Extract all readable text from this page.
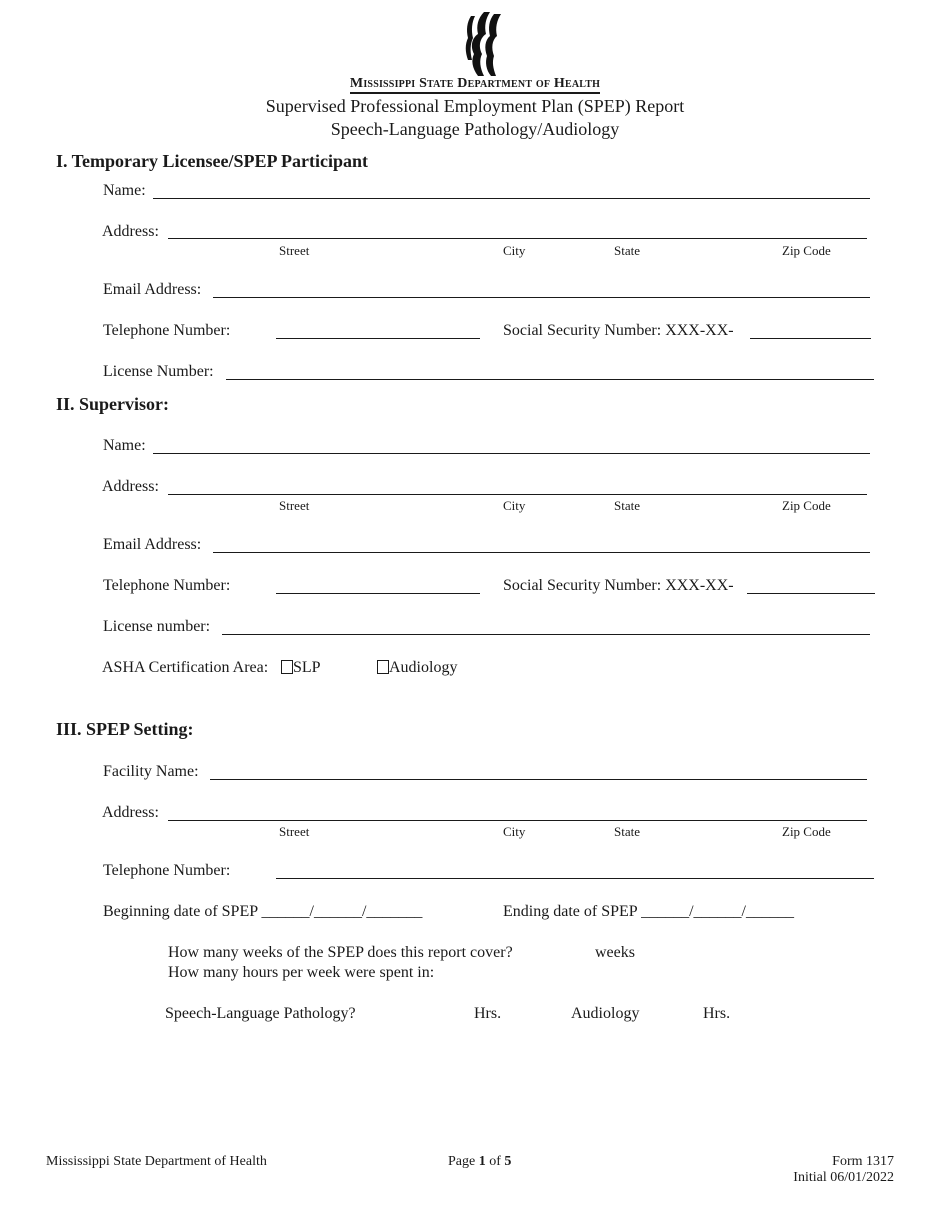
Mississippi State Department of Health
Supervised Professional Employment Plan (SPEP) Report
Speech-Language Pathology/Audiology
I. Temporary Licensee/SPEP Participant
Name:
Address:
Street	City	State	Zip Code
Email Address:
Telephone Number:	Social Security Number: XXX-XX-
License Number:
II. Supervisor:
Name:
Address:
Street	City	State	Zip Code
Email Address:
Telephone Number:	Social Security Number: XXX-XX-
License number:
ASHA Certification Area:	SLP	Audiology
III. SPEP Setting:
Facility Name:
Address:
Street	City	State	Zip Code
Telephone Number:
Beginning date of SPEP ______/______/_______	Ending date of SPEP ______/______/______
How many weeks of the SPEP does this report cover?	weeks
How many hours per week were spent in:
Speech-Language Pathology?	Hrs.	Audiology	Hrs.
Mississippi State Department of Health	Page 1 of 5	Form 1317
Initial 06/01/2022
